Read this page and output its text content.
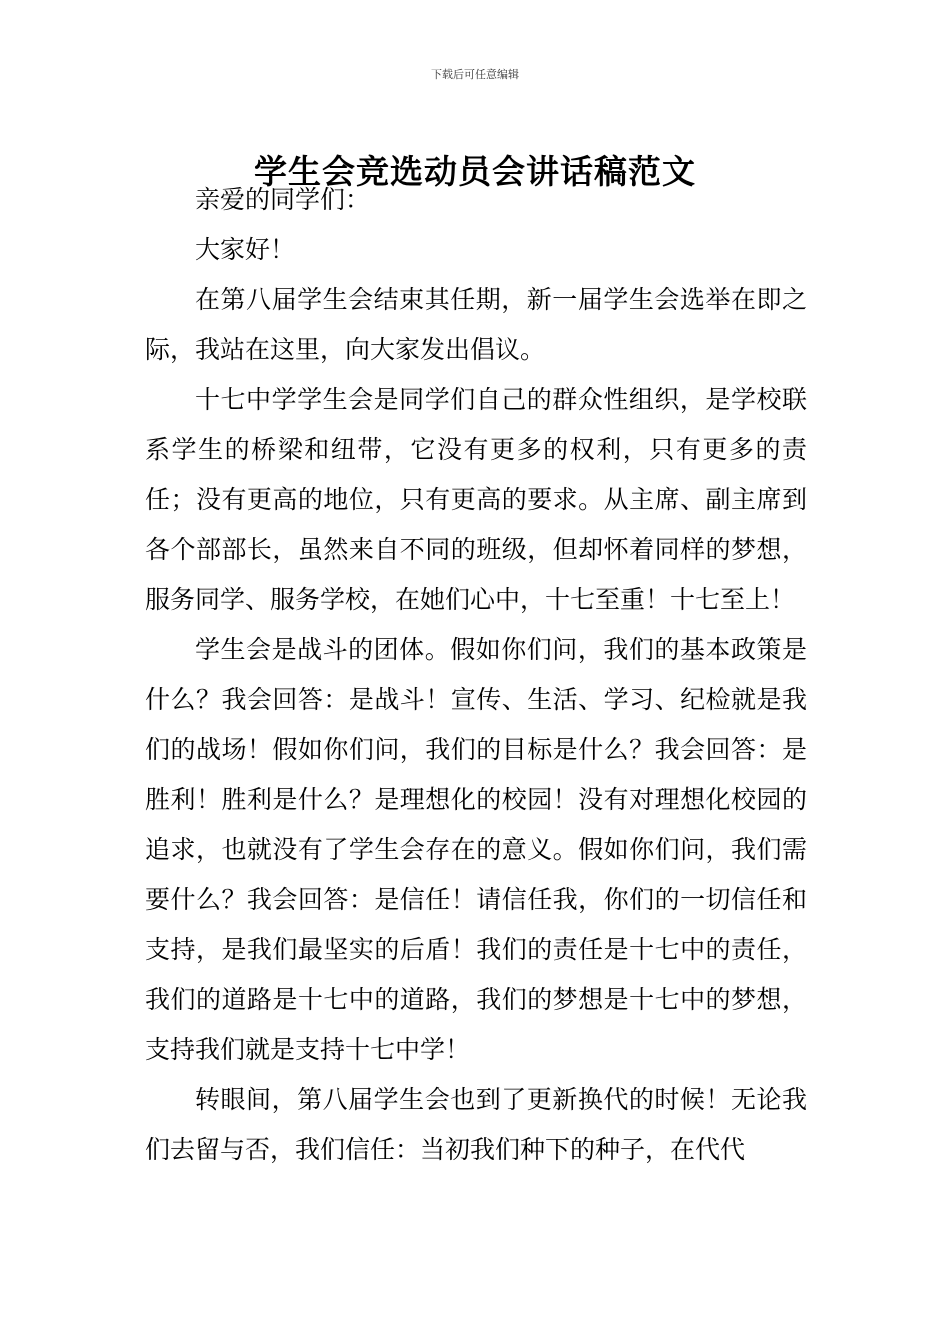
下载后可任意编辑
学生会竞选动员会讲话稿范文

亲爱的同学们：

大家好！

在第八届学生会结束其任期，新一届学生会选举在即之际，我站在这里，向大家发出倡议。

十七中学学生会是同学们自己的群众性组织，是学校联系学生的桥梁和纽带，它没有更多的权利，只有更多的责任；没有更高的地位，只有更高的要求。从主席、副主席到各个部部长，虽然来自不同的班级，但却怀着同样的梦想，服务同学、服务学校，在她们心中，十七至重！十七至上！

学生会是战斗的团体。假如你们问，我们的基本政策是什么？我会回答：是战斗！宣传、生活、学习、纪检就是我们的战场！假如你们问，我们的目标是什么？我会回答：是胜利！胜利是什么？是理想化的校园！没有对理想化校园的追求，也就没有了学生会存在的意义。假如你们问，我们需要什么？我会回答：是信任！请信任我，你们的一切信任和支持，是我们最坚实的后盾！我们的责任是十七中的责任，我们的道路是十七中的道路，我们的梦想是十七中的梦想，支持我们就是支持十七中学！

转眼间，第八届学生会也到了更新换代的时候！无论我们去留与否，我们信任：当初我们种下的种子，在代代
